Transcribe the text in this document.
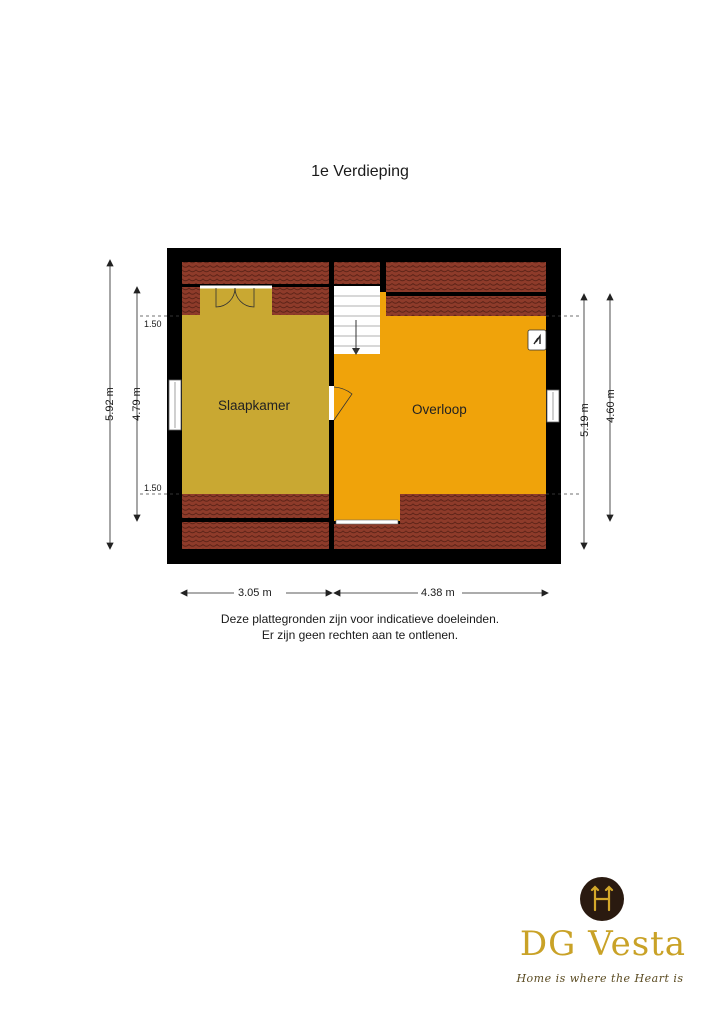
1e Verdieping
Slaapkamer	Overloop
5.92 m 4.79 m	5.19 m 4.60 m
1.50
1.50
3.05 m	4.38 m
Deze plattegronden zijn voor indicatieve doeleinden.
Er zijn geen rechten aan te ontlenen.
DG Vesta
Home is where the Heart is
